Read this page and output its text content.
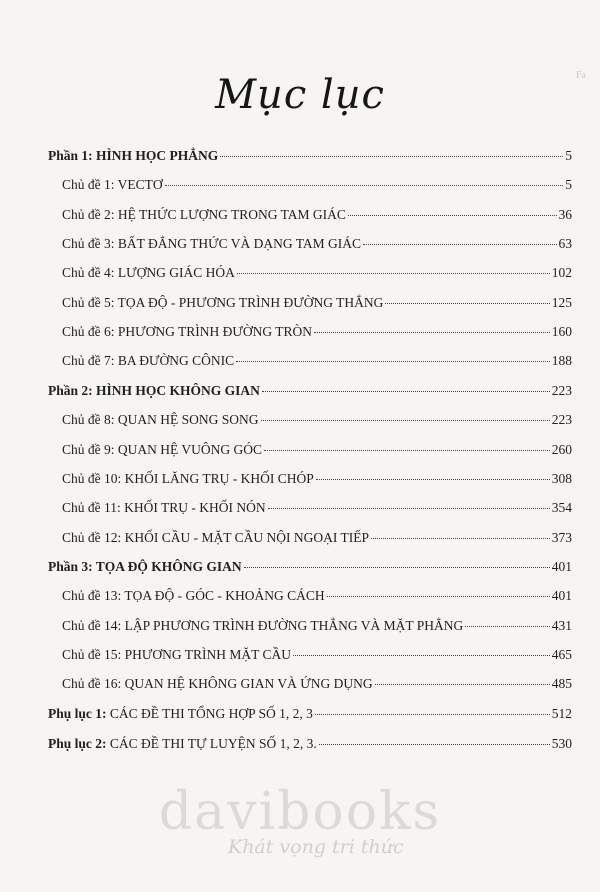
Fa
Mục lục
Phần 1: HÌNH HỌC PHẲNG	5
Chủ đề 1: VECTƠ	5
Chủ đề 2: HỆ THỨC LƯỢNG TRONG TAM GIÁC	36
Chủ đề 3: BẤT ĐẲNG THỨC VÀ DẠNG TAM GIÁC	63
Chủ đề 4: LƯỢNG GIÁC HÓA	102
Chủ đề 5: TỌA ĐỘ - PHƯƠNG TRÌNH ĐƯỜNG THẲNG	125
Chủ đề 6: PHƯƠNG TRÌNH ĐƯỜNG TRÒN	160
Chủ đề 7: BA ĐƯỜNG CÔNIC	188
Phần 2: HÌNH HỌC KHÔNG GIAN	223
Chủ đề 8: QUAN HỆ SONG SONG	223
Chủ đề 9: QUAN HỆ VUÔNG GÓC	260
Chủ đề 10: KHỐI LĂNG TRỤ - KHỐI CHÓP	308
Chủ đề 11: KHỐI TRỤ - KHỐI NÓN	354
Chủ đề 12: KHỐI CẦU - MẶT CẦU NỘI NGOẠI TIẾP	373
Phần 3: TỌA ĐỘ KHÔNG GIAN	401
Chủ đề 13: TỌA ĐỘ - GÓC - KHOẢNG CÁCH	401
Chủ đề 14: LẬP PHƯƠNG TRÌNH ĐƯỜNG THẲNG VÀ MẶT PHẲNG	431
Chủ đề 15: PHƯƠNG TRÌNH MẶT CẦU	465
Chủ đề 16: QUAN HỆ KHÔNG GIAN VÀ ỨNG DỤNG	485
Phụ lục 1: CÁC ĐỀ THI TỔNG HỢP SỐ 1, 2, 3	512
Phụ lục 2: CÁC ĐỀ THI TỰ LUYỆN SỐ 1, 2, 3.	530
davibooks
Khát vọng tri thức
